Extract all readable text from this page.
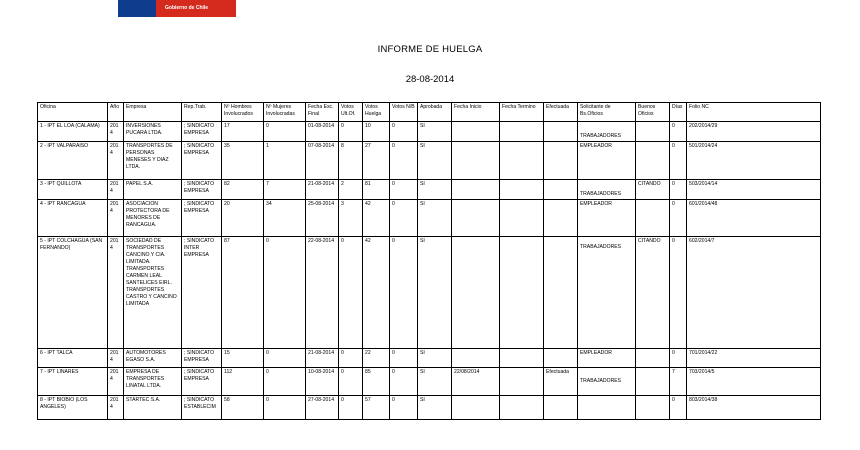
Gobierno de Chile
INFORME DE HUELGA
28-08-2014
Oficina	Año	Empresa	Rep.Trab.	Nº Hombres Involucrados	Nº Mujeres Involucradas	Fecha Exc. Final	Votos Ult.Of.	Votos Huelga	Votos N/B	Aprobada	Fecha Inicio	Fecha Termino	Efectuada	Solicitante de Bs.Oficios	Buenos Oficios	Días	Folio NC
1 - IPT EL LOA (CALAMA)	2014	INVERSIONES PUCARA LTDA.	; SINDICATO EMPRESA	17	0	01-08-2014	0	10	0	SI				TRABAJADORES		0	202/2014/29
2 - IPT VALPARAISO	2014	TRANSPORTES DE PERSONAS MENESES Y DIAZ LTDA.	; SINDICATO EMPRESA	35	1	07-08-2014	8	27	0	SI				EMPLEADOR		0	501/2014/24
3 - IPT QUILLOTA	2014	PAPEL S.A.	; SINDICATO EMPRESA	82	7	21-08-2014	2	81	0	SI				TRABAJADORES	CITANDO	0	503/2014/14
4 - IPT RANCAGUA	2014	ASOCIACION PROTECTORA DE MENORES DE RANCAGUA.	; SINDICATO EMPRESA	20	34	25-08-2014	3	42	0	SI				EMPLEADOR		0	601/2014/48
5 - IPT COLCHAGUA (SAN FERNANDO)	2014	SOCIEDAD DE TRANSPORTES CANCINO Y CIA. LIMITADA. TRANSPORTES CARMEN LEAL SANTELICES EIRL. TRANSPORTES CASTRO Y CANCINO LIMITADA	; SINDICATO INTER EMPRESA	87	0	22-08-2014	0	42	0	SI				TRABAJADORES	CITANDO	0	602/2014/7
6 - IPT TALCA	2014	AUTOMOTORES EGASO S.A.	; SINDICATO EMPRESA	15	0	21-08-2014	0	22	0	SI				EMPLEADOR		0	701/2014/22
7 - IPT LINARES	2014	EMPRESA DE TRANSPORTES LINATAL LTDA.	; SINDICATO EMPRESA	112	0	10-08-2014	0	85	0	SI	22/08/2014		Efectuada	TRABAJADORES		7	703/2014/5
8 - IPT BIOBIO (LOS ANGELES)	2014	STARTEC S.A.	; SINDICATO ESTABLECIM	58	0	27-08-2014	0	57	0	SI						0	803/2014/38
